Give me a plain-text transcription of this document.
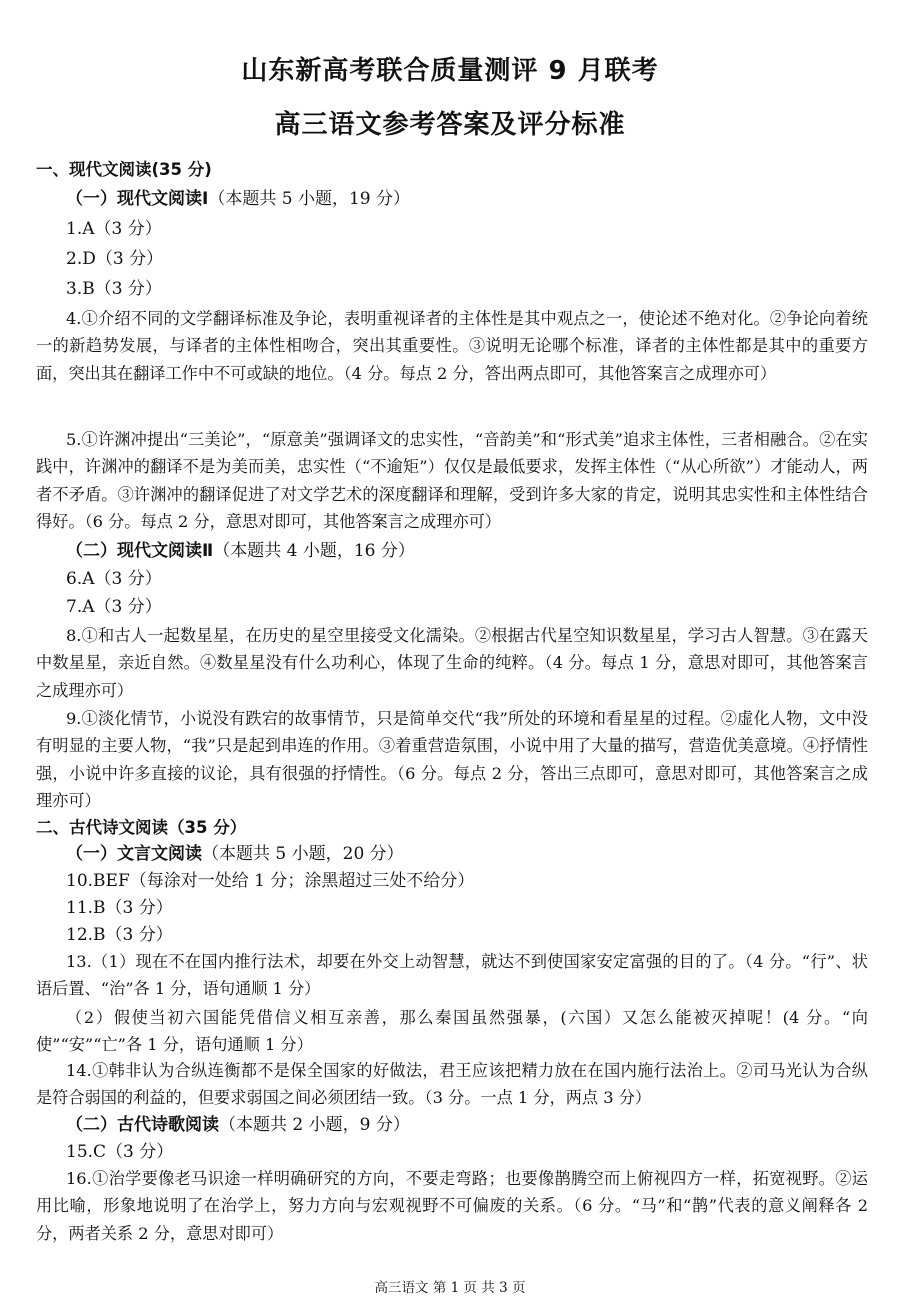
山东新高考联合质量测评 9 月联考
高三语文参考答案及评分标准
一、现代文阅读(35 分)
（一）现代文阅读Ⅰ（本题共 5 小题，19 分）
1.A（3 分）
2.D（3 分）
3.B（3 分）
4.①介绍不同的文学翻译标准及争论，表明重视译者的主体性是其中观点之一，使论述不绝对化。②争论向着统一的新趋势发展，与译者的主体性相吻合，突出其重要性。③说明无论哪个标准，译者的主体性都是其中的重要方面，突出其在翻译工作中不可或缺的地位。（4 分。每点 2 分，答出两点即可，其他答案言之成理亦可）
5.①许渊冲提出“三美论”，“原意美”强调译文的忠实性，“音韵美”和“形式美”追求主体性，三者相融合。②在实践中，许渊冲的翻译不是为美而美，忠实性（“不逾矩”）仅仅是最低要求，发挥主体性（“从心所欲”）才能动人，两者不矛盾。③许渊冲的翻译促进了对文学艺术的深度翻译和理解，受到许多大家的肯定，说明其忠实性和主体性结合得好。（6 分。每点 2 分，意思对即可，其他答案言之成理亦可）
（二）现代文阅读Ⅱ（本题共 4 小题，16 分）
6.A（3 分）
7.A（3 分）
8.①和古人一起数星星，在历史的星空里接受文化濡染。②根据古代星空知识数星星，学习古人智慧。③在露天中数星星，亲近自然。④数星星没有什么功利心，体现了生命的纯粹。（4 分。每点 1 分，意思对即可，其他答案言之成理亦可）
9.①淡化情节，小说没有跌宕的故事情节，只是简单交代“我”所处的环境和看星星的过程。②虚化人物，文中没有明显的主要人物，“我”只是起到串连的作用。③着重营造氛围，小说中用了大量的描写，营造优美意境。④抒情性强，小说中许多直接的议论，具有很强的抒情性。（6 分。每点 2 分，答出三点即可，意思对即可，其他答案言之成理亦可）
二、古代诗文阅读（35 分）
（一）文言文阅读（本题共 5 小题，20 分）
10.BEF（每涂对一处给 1 分；涂黑超过三处不给分）
11.B（3 分）
12.B（3 分）
13.（1）现在不在国内推行法术，却要在外交上动智慧，就达不到使国家安定富强的目的了。（4 分。“行”、状语后置、“治”各 1 分，语句通顺 1 分）
（2）假使当初六国能凭借信义相互亲善，那么秦国虽然强暴，(六国）又怎么能被灭掉呢！(4 分。“向使”“安”“亡”各 1 分，语句通顺 1 分）
14.①韩非认为合纵连衡都不是保全国家的好做法，君王应该把精力放在在国内施行法治上。②司马光认为合纵是符合弱国的利益的，但要求弱国之间必须团结一致。（3 分。一点 1 分，两点 3 分）
（二）古代诗歌阅读（本题共 2 小题，9 分）
15.C（3 分）
16.①治学要像老马识途一样明确研究的方向，不要走弯路；也要像鹊腾空而上俯视四方一样，拓宽视野。②运用比喻，形象地说明了在治学上，努力方向与宏观视野不可偏废的关系。（6 分。“马”和“鹊”代表的意义阐释各 2 分，两者关系 2 分，意思对即可）
高三语文 第 1 页 共 3 页
